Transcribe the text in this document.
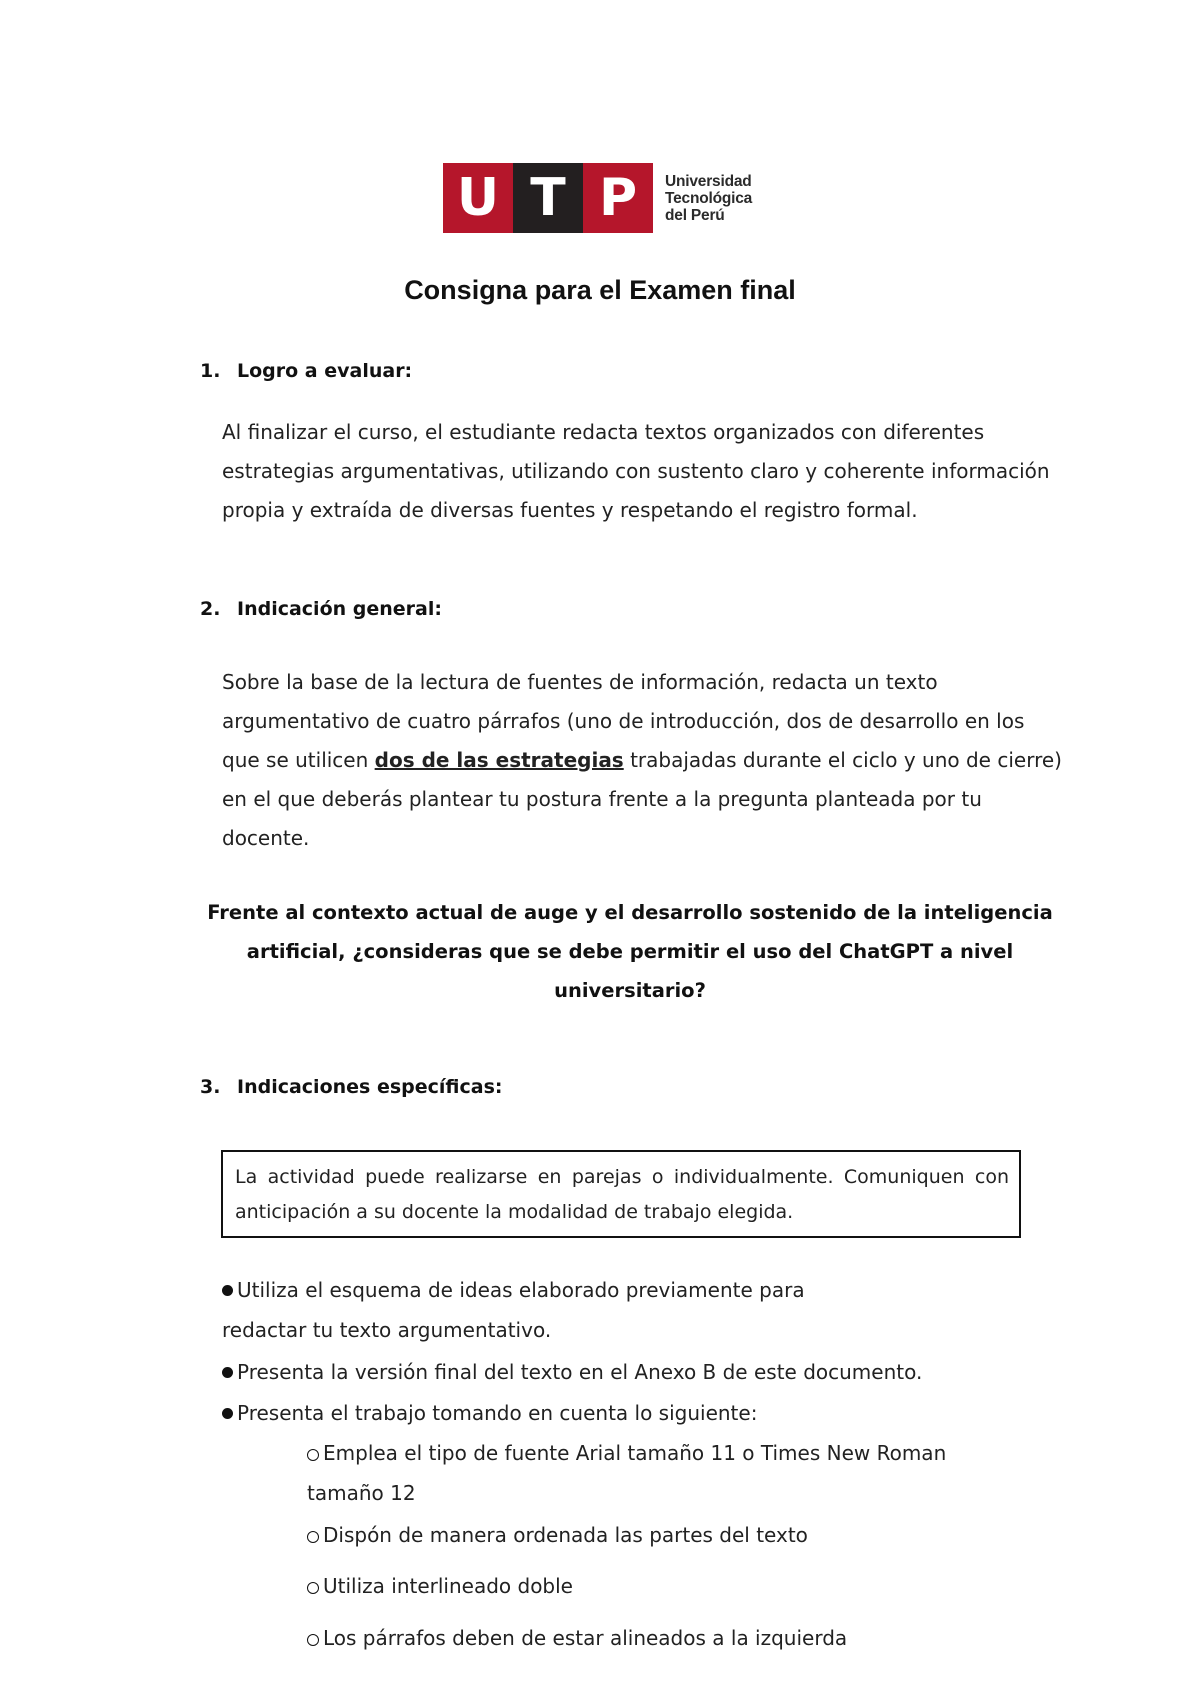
U T P	Universidad
Tecnológica
del Perú
Consigna para el Examen final
1. Logro a evaluar:
Al finalizar el curso, el estudiante redacta textos organizados con diferentes estrategias argumentativas, utilizando con sustento claro y coherente información propia y extraída de diversas fuentes y respetando el registro formal.
2. Indicación general:
Sobre la base de la lectura de fuentes de información, redacta un texto argumentativo de cuatro párrafos (uno de introducción, dos de desarrollo en los que se utilicen dos de las estrategias trabajadas durante el ciclo y uno de cierre) en el que deberás plantear tu postura frente a la pregunta planteada por tu docente.
Frente al contexto actual de auge y el desarrollo sostenido de la inteligencia artificial, ¿consideras que se debe permitir el uso del ChatGPT a nivel universitario?
3. Indicaciones específicas:
La actividad puede realizarse en parejas o individualmente. Comuniquen con anticipación a su docente la modalidad de trabajo elegida.
Utiliza el esquema de ideas elaborado previamente para redactar tu texto argumentativo.
Presenta la versión final del texto en el Anexo B de este documento.
Presenta el trabajo tomando en cuenta lo siguiente:
Emplea el tipo de fuente Arial tamaño 11 o Times New Roman tamaño 12
Dispón de manera ordenada las partes del texto
Utiliza interlineado doble
Los párrafos deben de estar alineados a la izquierda
